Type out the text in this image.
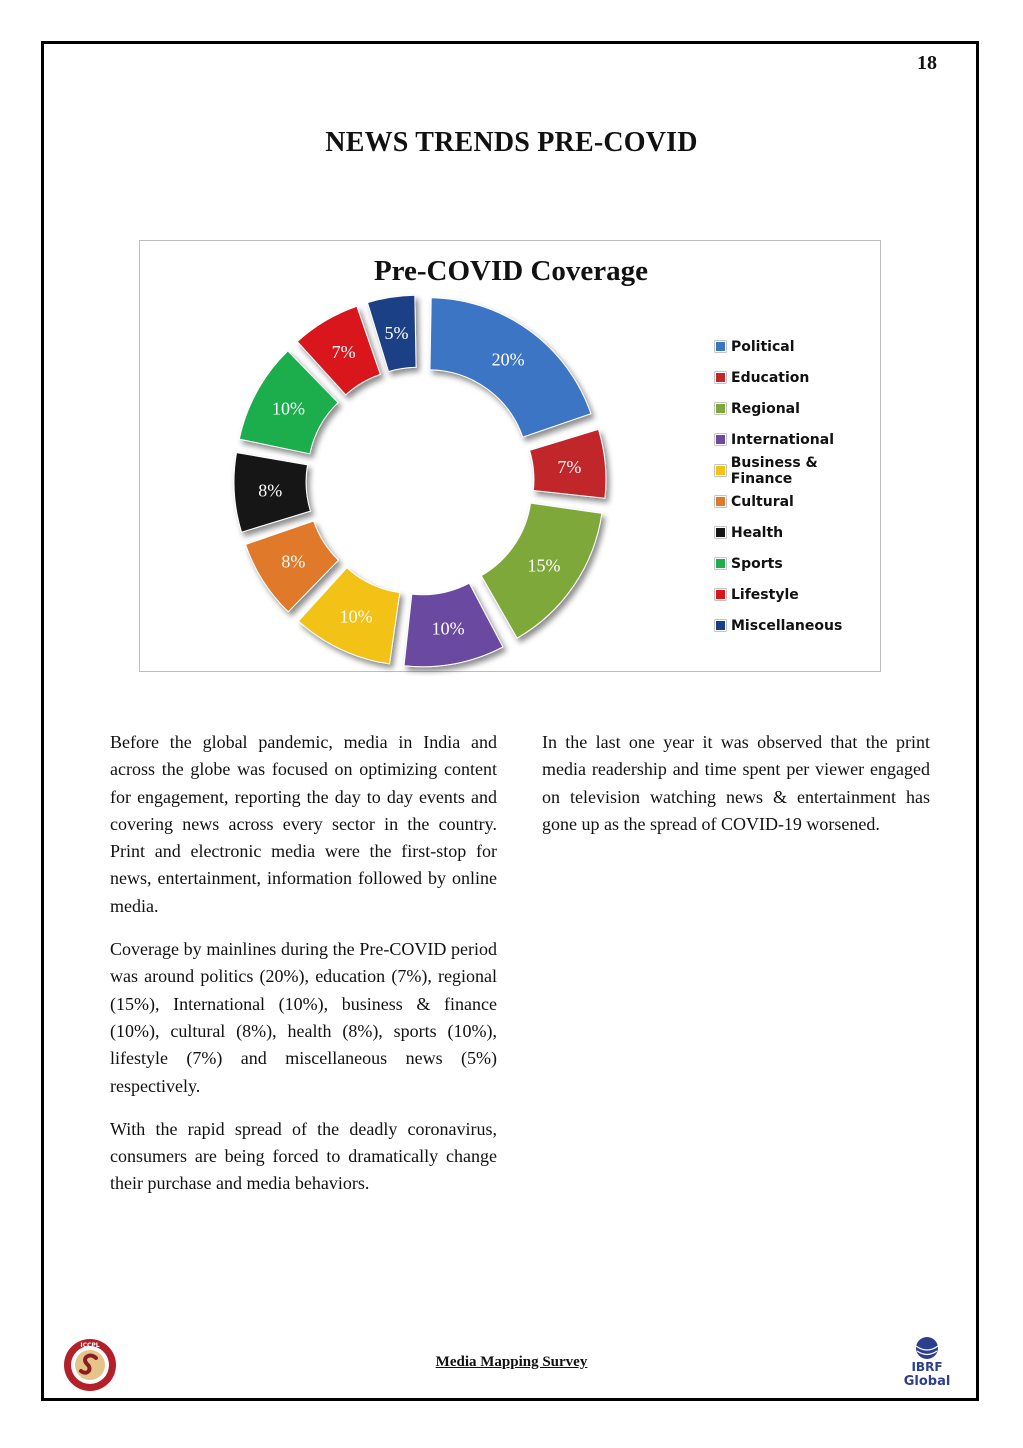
18
NEWS TRENDS PRE-COVID
Pre-COVID Coverage
20%
7%
15%
10%
10%
8%
8%
10%
7%
5%
Political
Education
Regional
International
Business & Finance
Cultural
Health
Sports
Lifestyle
Miscellaneous

Before the global pandemic, media in India and across the globe was focused on optimizing content for engagement, reporting the day to day events and covering news across every sector in the country. Print and electronic media were the first-stop for news, entertainment, information followed by online media.

Coverage by mainlines during the Pre-COVID period was around politics (20%), education (7%), regional (15%), International (10%), business & finance (10%), cultural (8%), health (8%), sports (10%), lifestyle (7%) and miscellaneous news (5%) respectively.

With the rapid spread of the deadly coronavirus, consumers are being forced to dramatically change their purchase and media behaviors.

In the last one year it was observed that the print media readership and time spent per viewer engaged on television watching news & entertainment has gone up as the spread of COVID-19 worsened.

Media Mapping Survey
ICCPL
IBRF
Global
